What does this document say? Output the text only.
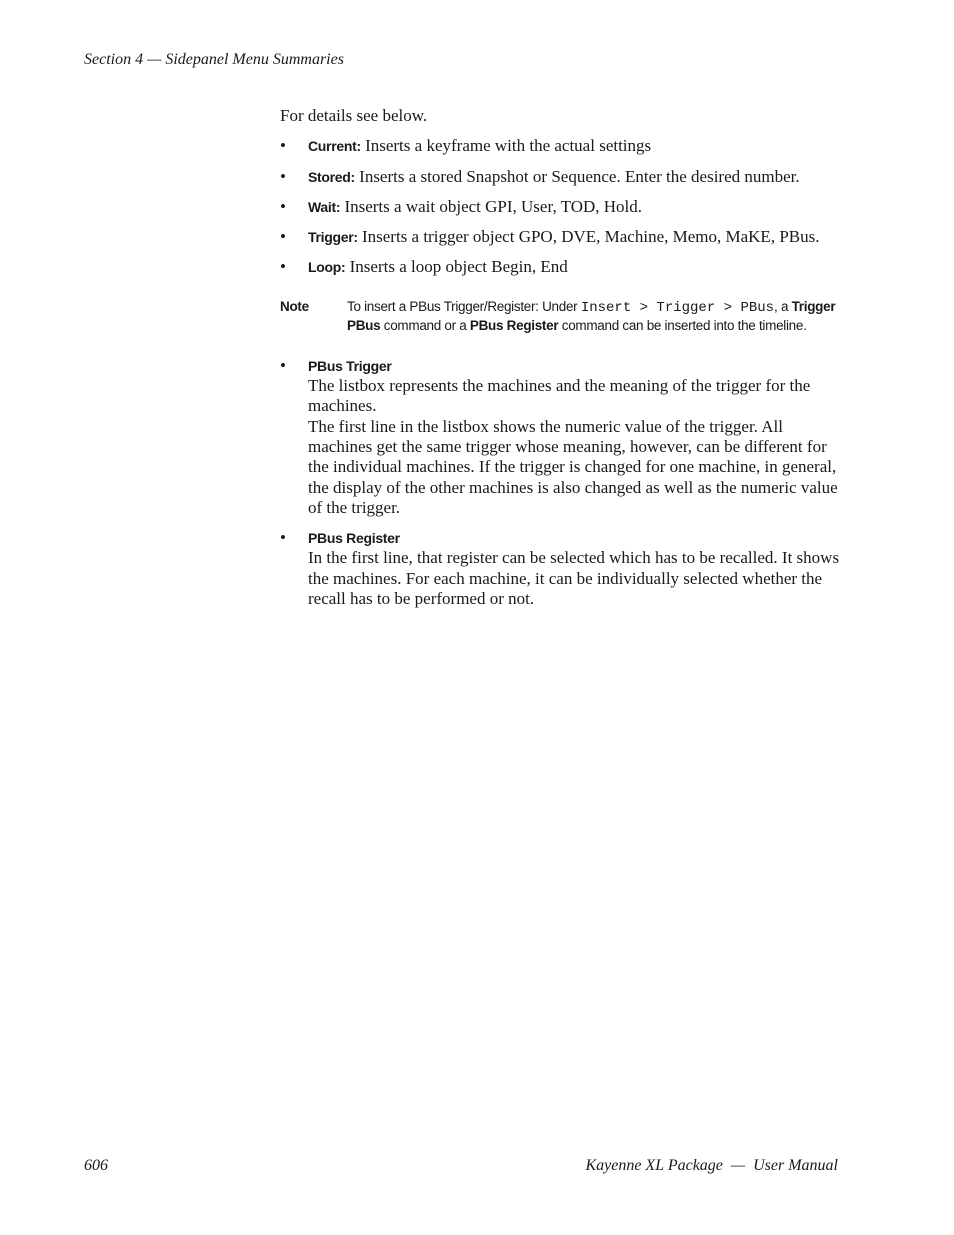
Section 4 — Sidepanel Menu Summaries

For details see below.

• Current: Inserts a keyframe with the actual settings
• Stored: Inserts a stored Snapshot or Sequence. Enter the desired number.
• Wait: Inserts a wait object GPI, User, TOD, Hold.
• Trigger: Inserts a trigger object GPO, DVE, Machine, Memo, MaKE, PBus.
• Loop: Inserts a loop object Begin, End
Note	To insert a PBus Trigger/Register: Under Insert > Trigger > PBus, a Trigger PBus command or a PBus Register command can be inserted into the timeline.
• PBus Trigger
The listbox represents the machines and the meaning of the trigger for the machines.
The first line in the listbox shows the numeric value of the trigger. All machines get the same trigger whose meaning, however, can be different for the individual machines. If the trigger is changed for one machine, in general, the display of the other machines is also changed as well as the numeric value of the trigger.
• PBus Register
In the first line, that register can be selected which has to be recalled. It shows the machines. For each machine, it can be individually selected whether the recall has to be performed or not.
606	Kayenne XL Package  —  User Manual
